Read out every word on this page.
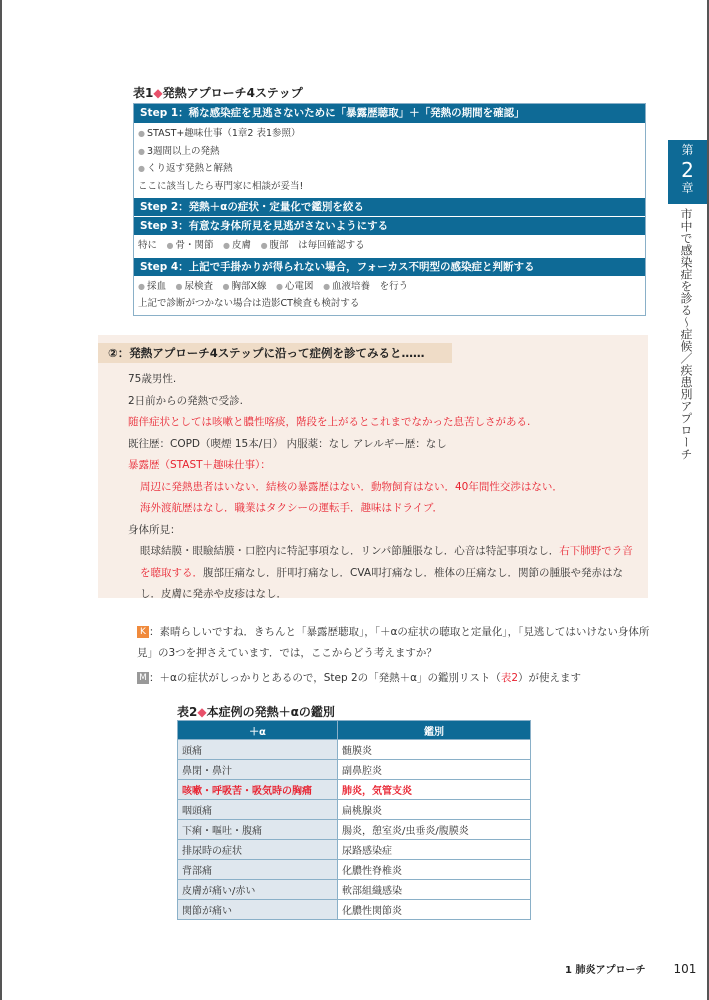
表1◆発熱アプローチ4ステップ
Step 1：稀な感染症を見逃さないために「暴露歴聴取」＋「発熱の期間を確認」
● STAST+趣味仕事（1章2 表1参照）
● 3週間以上の発熱
● くり返す発熱と解熱
ここに該当したら専門家に相談が妥当!
Step 2：発熱＋αの症状・定量化で鑑別を絞る
Step 3：有意な身体所見を見逃がさないようにする
特に　 ● 骨・関節　 ● 皮膚　 ● 腹部　 は毎回確認する
Step 4：上記で手掛かりが得られない場合，フォーカス不明型の感染症と判断する
● 採血　 ● 尿検査　 ● 胸部X線　 ● 心電図　 ● 血液培養　 を行う
上記で診断がつかない場合は造影CT検査も検討する
第
2
章
市中で感染症を診る～症候／疾患別アプローチ
②：発熱アプローチ4ステップに沿って症例を診てみると……
75歳男性.
2日前からの発熱で受診.
随伴症状としては咳嗽と膿性喀痰，階段を上がるとこれまでなかった息苦しさがある.
既往歴：COPD（喫煙 15本/日） 内服薬：なし アレルギー歴：なし
暴露歴（STAST＋趣味仕事）：
周辺に発熱患者はいない．結核の暴露歴はない．動物飼育はない．40年間性交渉はない．
海外渡航歴はなし．職業はタクシーの運転手．趣味はドライブ．
身体所見：
眼球結膜・眼瞼結膜・口腔内に特記事項なし．リンパ節腫脹なし．心音は特記事項なし．右下肺野でラ音を聴取する．腹部圧痛なし．肝叩打痛なし．CVA叩打痛なし．椎体の圧痛なし．関節の腫脹や発赤はなし．皮膚に発赤や皮疹はなし．
K ：素晴らしいですね．きちんと「暴露歴聴取」，「＋αの症状の聴取と定量化」，「見逃してはいけない身体所見」の3つを押さえています．では，ここからどう考えますか？
M ：＋αの症状がしっかりとあるので，Step 2の「発熱＋α」の鑑別リスト（表2）が使えます
表2◆本症例の発熱＋αの鑑別
＋α	鑑別
頭痛	髄膜炎
鼻閉・鼻汁	副鼻腔炎
咳嗽・呼吸苦・吸気時の胸痛	肺炎，気管支炎
咽頭痛	扁桃腺炎
下痢・嘔吐・腹痛	腸炎，憩室炎/虫垂炎/腹膜炎
排尿時の症状	尿路感染症
背部痛	化膿性脊椎炎
皮膚が痛い/赤い	軟部組織感染
関節が痛い	化膿性関節炎
1 肺炎アプローチ 101
